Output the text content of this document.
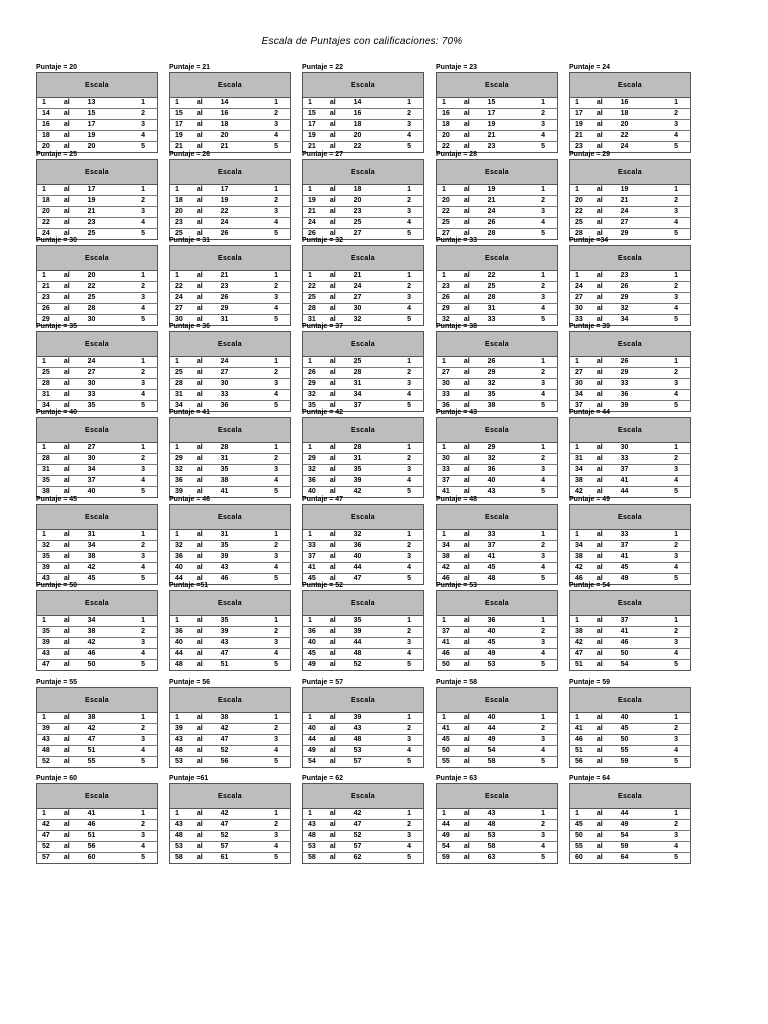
Escala de Puntajes con calificaciones: 70%
Puntaje = 20
Escala			
1	al	13	1
14	al	15	2
16	al	17	3
18	al	19	4
20	al	20	5
Puntaje = 21
Escala			
1	al	14	1
15	al	16	2
17	al	18	3
19	al	20	4
21	al	21	5
Puntaje = 22
Escala			
1	al	14	1
15	al	16	2
17	al	18	3
19	al	20	4
21	al	22	5
Puntaje = 23
Escala			
1	al	15	1
16	al	17	2
18	al	19	3
20	al	21	4
22	al	23	5
Puntaje = 24
Escala			
1	al	16	1
17	al	18	2
19	al	20	3
21	al	22	4
23	al	24	5
Puntaje = 25
Escala			
1	al	17	1
18	al	19	2
20	al	21	3
22	al	23	4
24	al	25	5
Puntaje = 26
Escala			
1	al	17	1
18	al	19	2
20	al	22	3
23	al	24	4
25	al	26	5
Puntaje = 27
Escala			
1	al	18	1
19	al	20	2
21	al	23	3
24	al	25	4
26	al	27	5
Puntaje = 28
Escala			
1	al	19	1
20	al	21	2
22	al	24	3
25	al	26	4
27	al	28	5
Puntaje = 29
Escala			
1	al	19	1
20	al	21	2
22	al	24	3
25	al	27	4
28	al	29	5
Puntaje = 30
Escala			
1	al	20	1
21	al	22	2
23	al	25	3
26	al	28	4
29	al	30	5
Puntaje = 31
Escala			
1	al	21	1
22	al	23	2
24	al	26	3
27	al	29	4
30	al	31	5
Puntaje = 32
Escala			
1	al	21	1
22	al	24	2
25	al	27	3
28	al	30	4
31	al	32	5
Puntaje = 33
Escala			
1	al	22	1
23	al	25	2
26	al	28	3
29	al	31	4
32	al	33	5
Puntaje =34
Escala			
1	al	23	1
24	al	26	2
27	al	29	3
30	al	32	4
33	al	34	5
Puntaje = 35
Escala			
1	al	24	1
25	al	27	2
28	al	30	3
31	al	33	4
34	al	35	5
Puntaje = 36
Escala			
1	al	24	1
25	al	27	2
28	al	30	3
31	al	33	4
34	al	36	5
Puntaje = 37
Escala			
1	al	25	1
26	al	28	2
29	al	31	3
32	al	34	4
35	al	37	5
Puntaje = 38
Escala			
1	al	26	1
27	al	29	2
30	al	32	3
33	al	35	4
36	al	38	5
Puntaje = 39
Escala			
1	al	26	1
27	al	29	2
30	al	33	3
34	al	36	4
37	al	39	5
Puntaje = 40
Escala			
1	al	27	1
28	al	30	2
31	al	34	3
35	al	37	4
38	al	40	5
Puntaje = 41
Escala			
1	al	28	1
29	al	31	2
32	al	35	3
36	al	38	4
39	al	41	5
Puntaje = 42
Escala			
1	al	28	1
29	al	31	2
32	al	35	3
36	al	39	4
40	al	42	5
Puntaje = 43
Escala			
1	al	29	1
30	al	32	2
33	al	36	3
37	al	40	4
41	al	43	5
Puntaje = 44
Escala			
1	al	30	1
31	al	33	2
34	al	37	3
38	al	41	4
42	al	44	5
Puntaje = 45
Escala			
1	al	31	1
32	al	34	2
35	al	38	3
39	al	42	4
43	al	45	5
Puntaje = 46
Escala			
1	al	31	1
32	al	35	2
36	al	39	3
40	al	43	4
44	al	46	5
Puntaje = 47
Escala			
1	al	32	1
33	al	36	2
37	al	40	3
41	al	44	4
45	al	47	5
Puntaje = 48
Escala			
1	al	33	1
34	al	37	2
38	al	41	3
42	al	45	4
46	al	48	5
Puntaje = 49
Escala			
1	al	33	1
34	al	37	2
38	al	41	3
42	al	45	4
46	al	49	5
Puntaje = 50
Escala			
1	al	34	1
35	al	38	2
39	al	42	3
43	al	46	4
47	al	50	5
Puntaje =51
Escala			
1	al	35	1
36	al	39	2
40	al	43	3
44	al	47	4
48	al	51	5
Puntaje = 52
Escala			
1	al	35	1
36	al	39	2
40	al	44	3
45	al	48	4
49	al	52	5
Puntaje = 53
Escala			
1	al	36	1
37	al	40	2
41	al	45	3
46	al	49	4
50	al	53	5
Puntaje = 54
Escala			
1	al	37	1
38	al	41	2
42	al	46	3
47	al	50	4
51	al	54	5
Puntaje = 55
Escala			
1	al	38	1
39	al	42	2
43	al	47	3
48	al	51	4
52	al	55	5
Puntaje = 56
Escala			
1	al	38	1
39	al	42	2
43	al	47	3
48	al	52	4
53	al	56	5
Puntaje = 57
Escala			
1	al	39	1
40	al	43	2
44	al	48	3
49	al	53	4
54	al	57	5
Puntaje = 58
Escala			
1	al	40	1
41	al	44	2
45	al	49	3
50	al	54	4
55	al	58	5
Puntaje = 59
Escala			
1	al	40	1
41	al	45	2
46	al	50	3
51	al	55	4
56	al	59	5
Puntaje = 60
Escala			
1	al	41	1
42	al	46	2
47	al	51	3
52	al	56	4
57	al	60	5
Puntaje =61
Escala			
1	al	42	1
43	al	47	2
48	al	52	3
53	al	57	4
58	al	61	5
Puntaje = 62
Escala			
1	al	42	1
43	al	47	2
48	al	52	3
53	al	57	4
58	al	62	5
Puntaje = 63
Escala			
1	al	43	1
44	al	48	2
49	al	53	3
54	al	58	4
59	al	63	5
Puntaje = 64
Escala			
1	al	44	1
45	al	49	2
50	al	54	3
55	al	59	4
60	al	64	5
